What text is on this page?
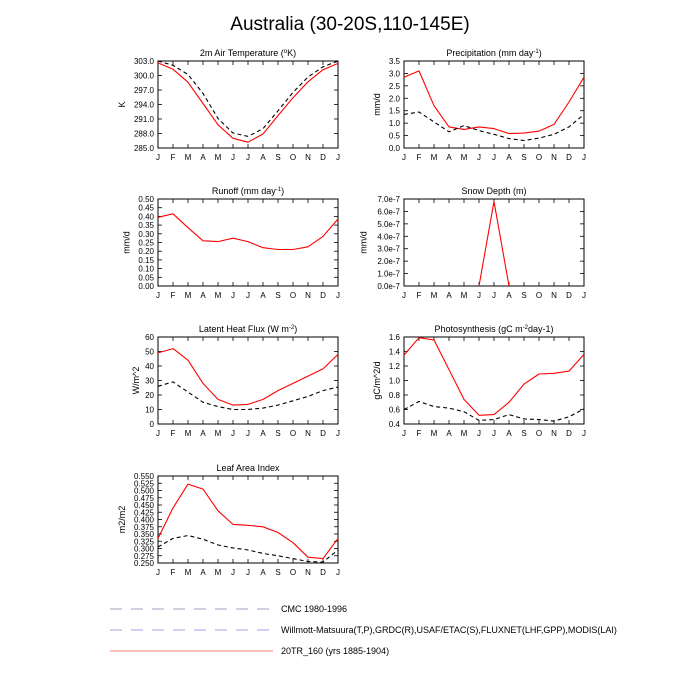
Australia (30-20S,110-145E)
2m Air Temperature ($^o$K)
J F M A M J J A S O N D J
285.0
288.0
291.0
294.0
297.0
300.0
303.0
K
Precipitation (mm day$^{-1}$)
J F M A M J J A S O N D J
0.0
0.5
1.0
1.5
2.0
2.5
3.0
3.5
mm/d
Runoff (mm day$^{-1}$)
J F M A M J J A S O N D J
0.00
0.05
0.10
0.15
0.20
0.25
0.30
0.35
0.40
0.45
0.50
mm/d
Snow Depth (m)
J F M A M J J A S O N D J
0.0e-7
1.0e-7
2.0e-7
3.0e-7
4.0e-7
5.0e-7
6.0e-7
7.0e-7
mm/d
Latent Heat Flux (W $m^{-2}$)
J F M A M J J A S O N D J
0
10
20
30
40
50
60
W/m^2
Photosynthesis (gC $m^{-2}day-1$)
J F M A M J J A S O N D J
0.4
0.6
0.8
1.0
1.2
1.4
1.6
gC/m^2/d
Leaf Area Index
J F M A M J J A S O N D J
0.250
0.275
0.300
0.325
0.350
0.375
0.400
0.425
0.450
0.475
0.500
0.525
0.550
m2/m2
CMC 1980-1996
Willmott-Matsuura(T,P),GRDC(R),USAF/ETAC(S),FLUXNET(LHF,GPP),MODIS(LAI)
20TR_160 (yrs 1885-1904)
